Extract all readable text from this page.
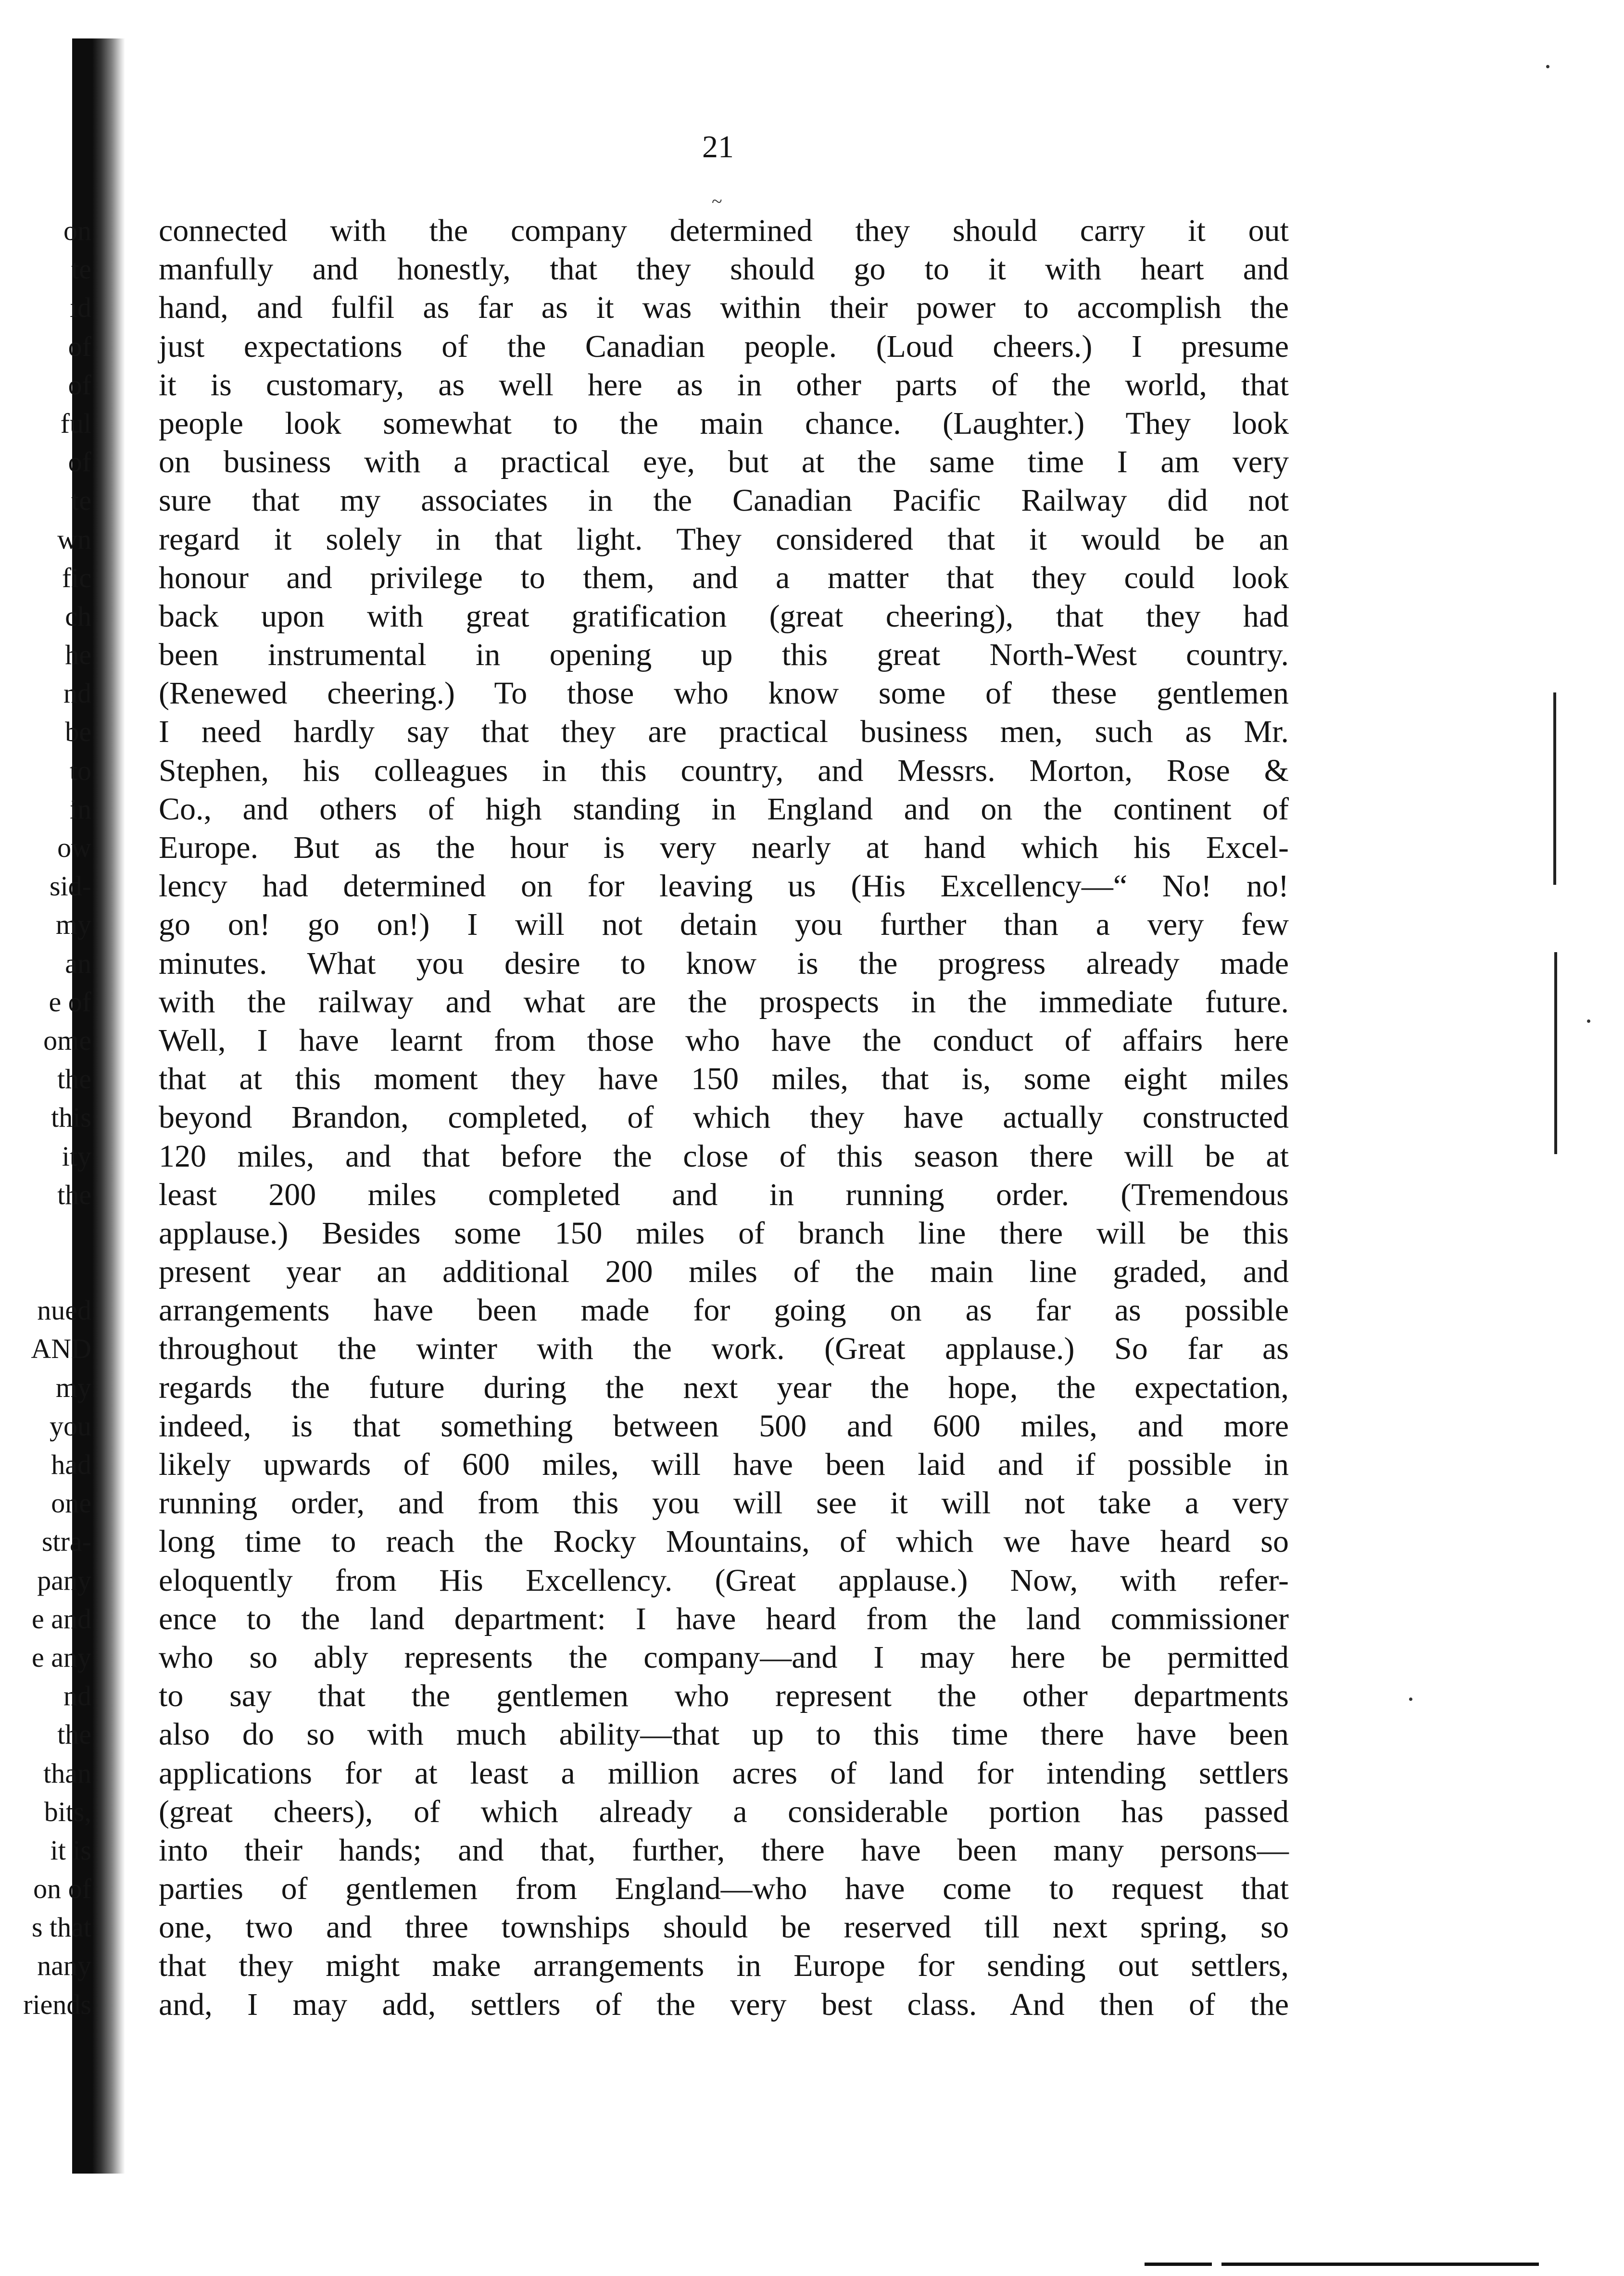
on
te
ıd
of
of
ful
of
te
wn
fic
ch
he
nd
be
to
in
ow
sid-
my
an
e of
ome
the
this
ity
the
nued
AND
my
you
had
one
stra-
pany
e and
e any
nd
the
than
bits,
it is
on of
s that
nany
riends
21
~
connected with the company determined they should carry it out
manfully and honestly, that they should go to it with heart and
hand, and fulfil as far as it was within their power to accomplish the
just expectations of the Canadian people. (Loud cheers.) I presume
it is customary, as well here as in other parts of the world, that
people look somewhat to the main chance. (Laughter.) They look
on business with a practical eye, but at the same time I am very
sure that my associates in the Canadian Pacific Railway did not
regard it solely in that light. They considered that it would be an
honour and privilege to them, and a matter that they could look
back upon with great gratification (great cheering), that they had
been instrumental in opening up this great North-West country.
(Renewed cheering.) To those who know some of these gentlemen
I need hardly say that they are practical business men, such as Mr.
Stephen, his colleagues in this country, and Messrs. Morton, Rose &
Co., and others of high standing in England and on the continent of
Europe. But as the hour is very nearly at hand which his Excel-
lency had determined on for leaving us (His Excellency—“ No! no!
go on! go on!) I will not detain you further than a very few
minutes. What you desire to know is the progress already made
with the railway and what are the prospects in the immediate future.
Well, I have learnt from those who have the conduct of affairs here
that at this moment they have 150 miles, that is, some eight miles
beyond Brandon, completed, of which they have actually constructed
120 miles, and that before the close of this season there will be at
least 200 miles completed and in running order. (Tremendous
applause.) Besides some 150 miles of branch line there will be this
present year an additional 200 miles of the main line graded, and
arrangements have been made for going on as far as possible
throughout the winter with the work. (Great applause.) So far as
regards the future during the next year the hope, the expectation,
indeed, is that something between 500 and 600 miles, and more
likely upwards of 600 miles, will have been laid and if possible in
running order, and from this you will see it will not take a very
long time to reach the Rocky Mountains, of which we have heard so
eloquently from His Excellency. (Great applause.) Now, with refer-
ence to the land department: I have heard from the land commissioner
who so ably represents the company—and I may here be permitted
to say that the gentlemen who represent the other departments
also do so with much ability—that up to this time there have been
applications for at least a million acres of land for intending settlers
(great cheers), of which already a considerable portion has passed
into their hands; and that, further, there have been many persons—
parties of gentlemen from England—who have come to request that
one, two and three townships should be reserved till next spring, so
that they might make arrangements in Europe for sending out settlers,
and, I may add, settlers of the very best class. And then of the
